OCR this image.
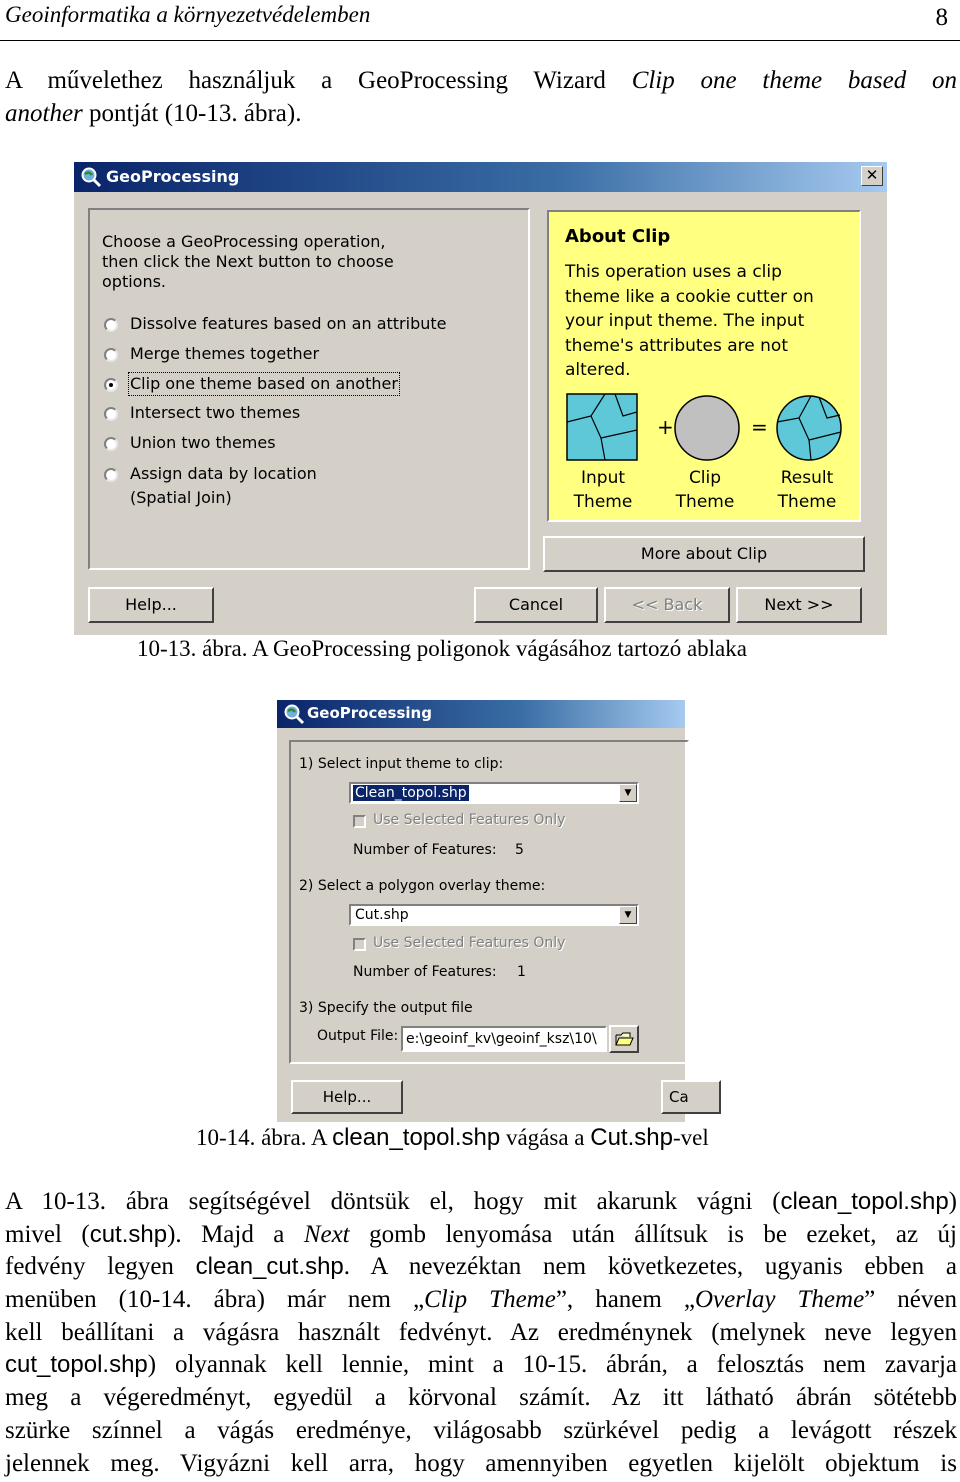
Geoinformatika a környezetvédelemben	8
A művelethez használjuk a GeoProcessing Wizard Clip one theme based on
another pontját (10-13. ábra).
GeoProcessing	✕
Choose a GeoProcessing operation,
then click the Next button to choose
options.
Dissolve features based on an attribute
Merge themes together
Clip one theme based on another
Intersect two themes
Union two themes
Assign data by location
(Spatial Join)
About Clip
This operation uses a clip
theme like a cookie cutter on
your input theme. The input
theme's attributes are not
altered.
+	=
Input
Theme
Clip
Theme
Result
Theme
More about Clip
Help...	Cancel	<< Back	Next >>
10-13. ábra. A GeoProcessing poligonok vágásához tartozó ablaka
GeoProcessing
1) Select input theme to clip:
Clean_topol.shp	▼
Use Selected Features Only
Number of Features: 5
2) Select a polygon overlay theme:
Cut.shp	▼
Use Selected Features Only
Number of Features: 1
3) Specify the output file
Output File: e:\geoinf_kv\geoinf_ksz\10\
Help...	Ca
10-14. ábra. A clean_topol.shp vágása a Cut.shp-vel
A 10-13. ábra segítségével döntsük el, hogy mit akarunk vágni (clean_topol.shp)
mivel (cut.shp). Majd a Next gomb lenyomása után állítsuk is be ezeket, az új
fedvény legyen clean_cut.shp. A nevezéktan nem következetes, ugyanis ebben a
menüben (10-14. ábra) már nem „Clip Theme”, hanem „Overlay Theme” néven
kell beállítani a vágásra használt fedvényt. Az eredménynek (melynek neve legyen
cut_topol.shp) olyannak kell lennie, mint a 10-15. ábrán, a felosztás nem zavarja
meg a végeredményt, egyedül a körvonal számít. Az itt látható ábrán sötétebb
szürke színnel a vágás eredménye, világosabb szürkével pedig a levágott részek
jelennek meg. Vigyázni kell arra, hogy amennyiben egyetlen kijelölt objektum is
